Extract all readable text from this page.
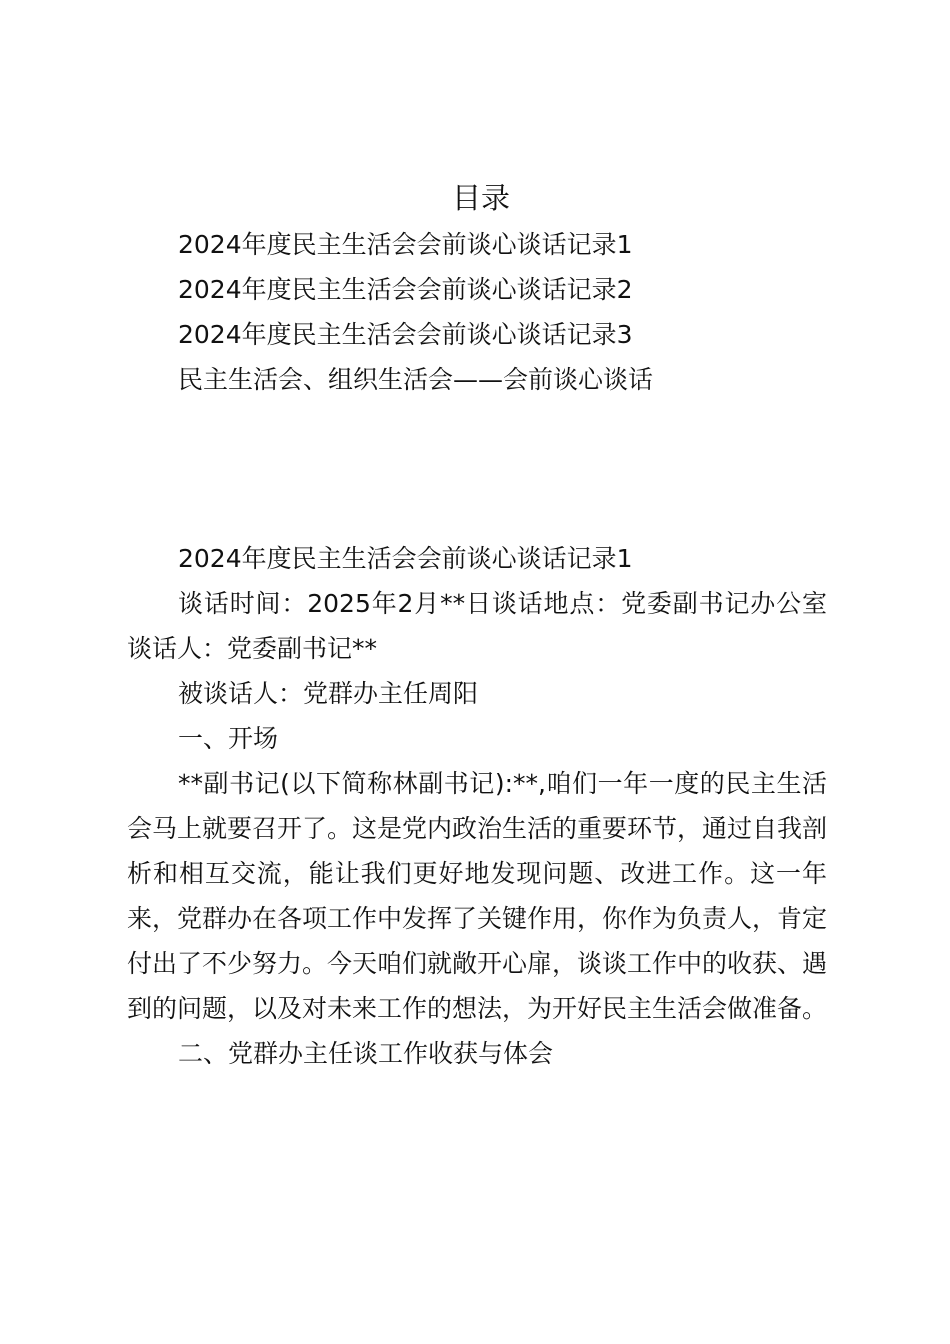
目录
2024年度民主生活会会前谈心谈话记录1
2024年度民主生活会会前谈心谈话记录2
2024年度民主生活会会前谈心谈话记录3
民主生活会、组织生活会——会前谈心谈话

2024年度民主生活会会前谈心谈话记录1

谈话时间：2025年2月**日谈话地点：党委副书记办公室谈话人：党委副书记**

被谈话人：党群办主任周阳

一、开场

**副书记(以下简称林副书记):**,咱们一年一度的民主生活会马上就要召开了。这是党内政治生活的重要环节，通过自我剖析和相互交流，能让我们更好地发现问题、改进工作。这一年来，党群办在各项工作中发挥了关键作用，你作为负责人，肯定付出了不少努力。今天咱们就敞开心扉，谈谈工作中的收获、遇到的问题，以及对未来工作的想法，为开好民主生活会做准备。

二、党群办主任谈工作收获与体会
